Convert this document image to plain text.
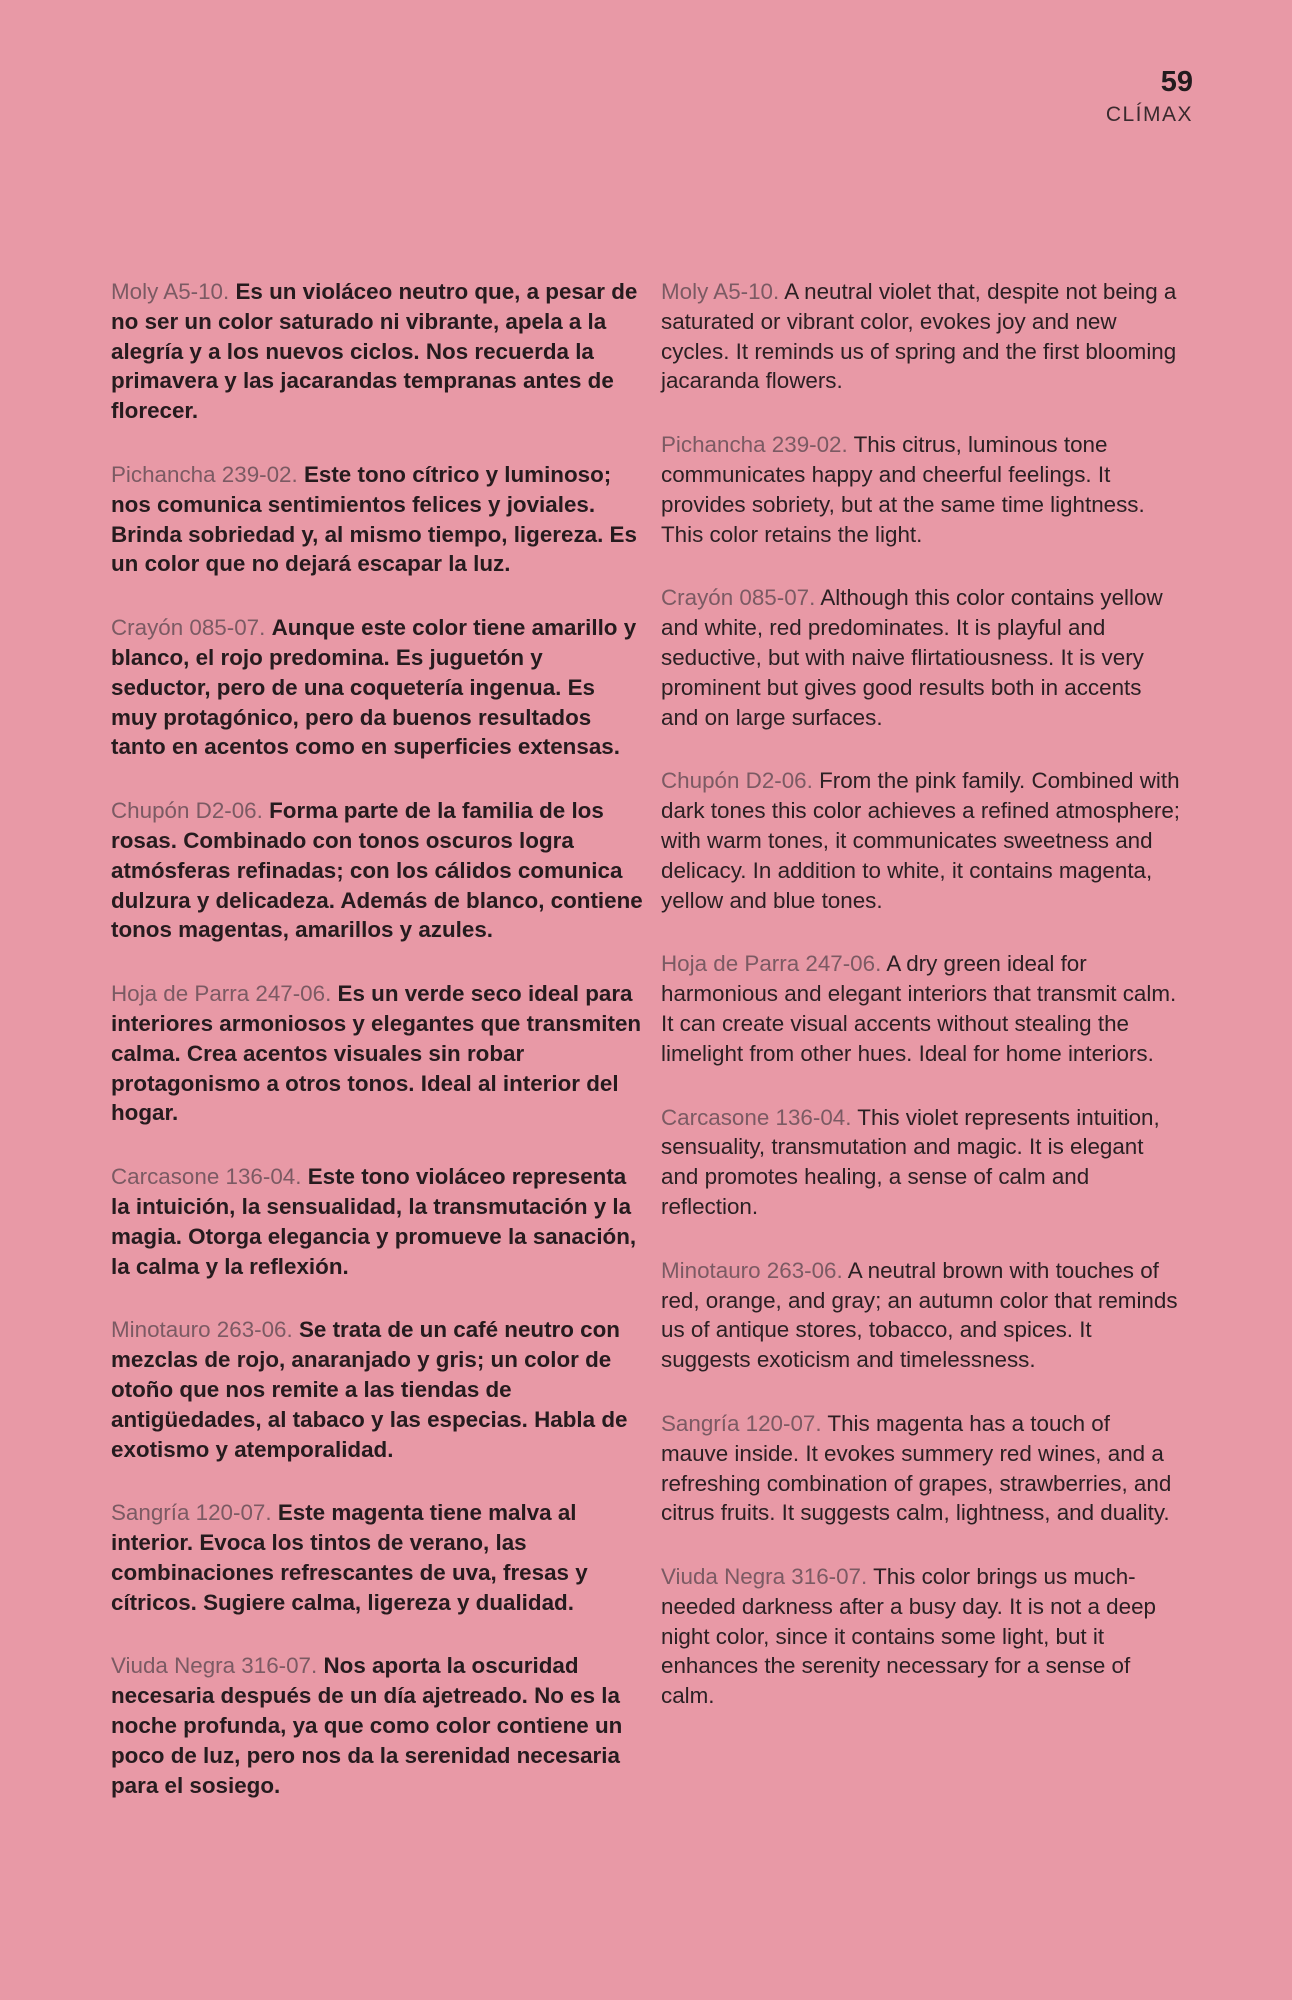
59
CLÍMAX

Moly A5-10. Es un violáceo neutro que, a pesar de no ser un color saturado ni vibrante, apela a la alegría y a los nuevos ciclos. Nos recuerda la primavera y las jacarandas tempranas antes de florecer.

Pichancha 239-02. Este tono cítrico y luminoso; nos comunica sentimientos felices y joviales. Brinda sobriedad y, al mismo tiempo, ligereza. Es un color que no dejará escapar la luz.

Crayón 085-07. Aunque este color tiene amarillo y blanco, el rojo predomina. Es juguetón y seductor, pero de una coquetería ingenua. Es muy protagónico, pero da buenos resultados tanto en acentos como en superficies extensas.

Chupón D2-06. Forma parte de la familia de los rosas. Combinado con tonos oscuros logra atmósferas refinadas; con los cálidos comunica dulzura y delicadeza. Además de blanco, contiene tonos magentas, amarillos y azules.

Hoja de Parra 247-06. Es un verde seco ideal para interiores armoniosos y elegantes que transmiten calma. Crea acentos visuales sin robar protagonismo a otros tonos. Ideal al interior del hogar.

Carcasone 136-04. Este tono violáceo representa la intuición, la sensualidad, la transmutación y la magia. Otorga elegancia y promueve la sanación, la calma y la reflexión.

Minotauro 263-06. Se trata de un café neutro con mezclas de rojo, anaranjado y gris; un color de otoño que nos remite a las tiendas de antigüedades, al tabaco y las especias. Habla de exotismo y atemporalidad.

Sangría 120-07. Este magenta tiene malva al interior. Evoca los tintos de verano, las combinaciones refrescantes de uva, fresas y cítricos. Sugiere calma, ligereza y dualidad.

Viuda Negra 316-07. Nos aporta la oscuridad necesaria después de un día ajetreado. No es la noche profunda, ya que como color contiene un poco de luz, pero nos da la serenidad necesaria para el sosiego.

Moly A5-10. A neutral violet that, despite not being a saturated or vibrant color, evokes joy and new cycles. It reminds us of spring and the first blooming jacaranda flowers.

Pichancha 239-02. This citrus, luminous tone communicates happy and cheerful feelings. It provides sobriety, but at the same time lightness. This color retains the light.

Crayón 085-07. Although this color contains yellow and white, red predominates. It is playful and seductive, but with naive flirtatiousness. It is very prominent but gives good results both in accents and on large surfaces.

Chupón D2-06. From the pink family. Combined with dark tones this color achieves a refined atmosphere; with warm tones, it communicates sweetness and delicacy. In addition to white, it contains magenta, yellow and blue tones.

Hoja de Parra 247-06. A dry green ideal for harmonious and elegant interiors that transmit calm. It can create visual accents without stealing the limelight from other hues. Ideal for home interiors.

Carcasone 136-04. This violet represents intuition, sensuality, transmutation and magic. It is elegant and promotes healing, a sense of calm and reflection.

Minotauro 263-06. A neutral brown with touches of red, orange, and gray; an autumn color that reminds us of antique stores, tobacco, and spices. It suggests exoticism and timelessness.

Sangría 120-07. This magenta has a touch of mauve inside. It evokes summery red wines, and a refreshing combination of grapes, strawberries, and citrus fruits. It suggests calm, lightness, and duality.

Viuda Negra 316-07. This color brings us much-needed darkness after a busy day. It is not a deep night color, since it contains some light, but it enhances the serenity necessary for a sense of calm.
